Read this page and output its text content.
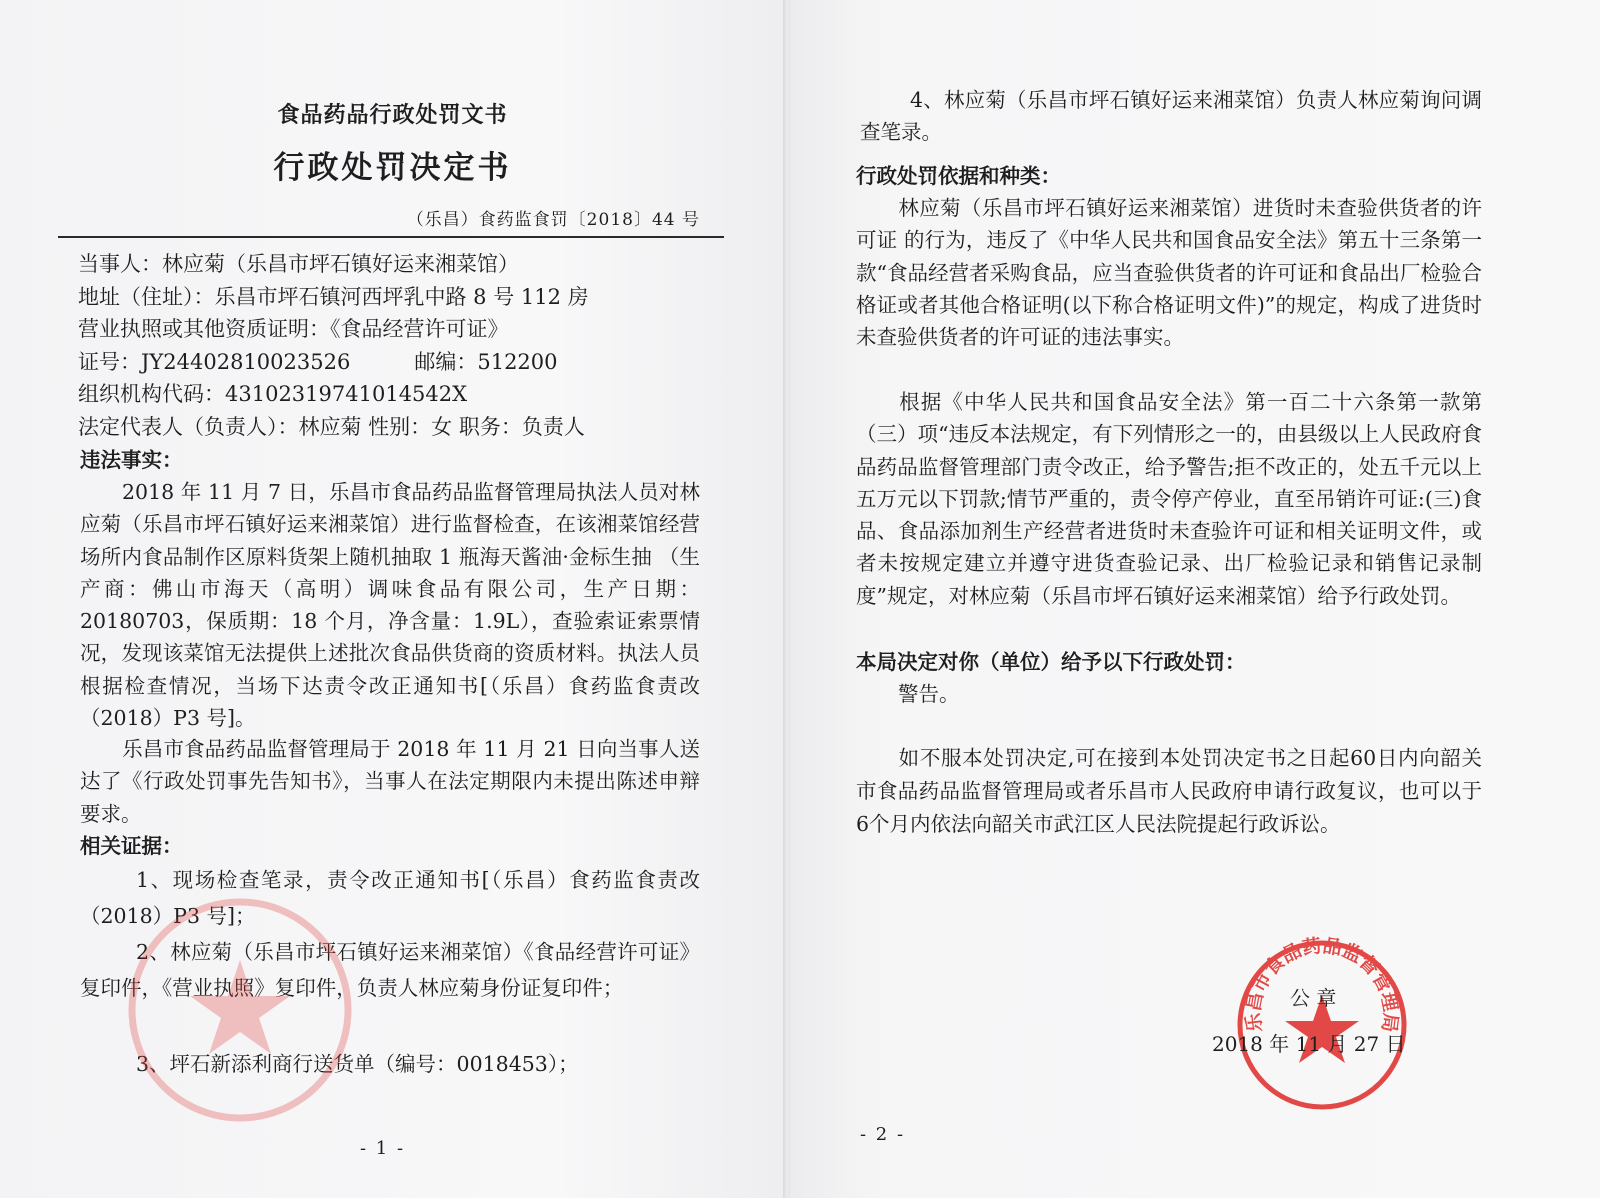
食品药品行政处罚文书
行政处罚决定书
（乐昌）食药监食罚〔2018〕44 号
当事人：林应菊（乐昌市坪石镇好运来湘菜馆）
地址（住址）：乐昌市坪石镇河西坪乳中路 8 号 112 房
营业执照或其他资质证明：《食品经营许可证》
证号：JY24402810023526	邮编：512200
组织机构代码：43102319741014542X
法定代表人（负责人）：林应菊 性别：女 职务：负责人
违法事实：
2018 年 11 月 7 日，乐昌市食品药品监督管理局执法人员对林应菊（乐昌市坪石镇好运来湘菜馆）进行监督检查，在该湘菜馆经营场所内食品制作区原料货架上随机抽取 1 瓶海天酱油·金标生抽 （生产商：佛山市海天（高明）调味食品有限公司，生产日期：20180703，保质期：18 个月，净含量：1.9L），查验索证索票情况，发现该菜馆无法提供上述批次食品供货商的资质材料。执法人员根据检查情况，当场下达责令改正通知书[（乐昌）食药监食责改（2018）P3 号]。
乐昌市食品药品监督管理局于 2018 年 11 月 21 日向当事人送达了《行政处罚事先告知书》，当事人在法定期限内未提出陈述申辩要求。
相关证据：
1、现场检查笔录，责令改正通知书[（乐昌）食药监食责改（2018）P3 号]；
2、林应菊（乐昌市坪石镇好运来湘菜馆）《食品经营许可证》复印件，《营业执照》复印件，负责人林应菊身份证复印件；
3、坪石新添利商行送货单（编号：0018453）；
- 1 -
4、林应菊（乐昌市坪石镇好运来湘菜馆）负责人林应菊询问调查笔录。
行政处罚依据和种类：
林应菊（乐昌市坪石镇好运来湘菜馆）进货时未查验供货者的许可证 的行为，违反了《中华人民共和国食品安全法》第五十三条第一款“食品经营者采购食品，应当查验供货者的许可证和食品出厂检验合格证或者其他合格证明(以下称合格证明文件)”的规定，构成了进货时未查验供货者的许可证的违法事实。
根据《中华人民共和国食品安全法》第一百二十六条第一款第（三）项“违反本法规定，有下列情形之一的，由县级以上人民政府食品药品监督管理部门责令改正，给予警告;拒不改正的，处五千元以上五万元以下罚款;情节严重的，责令停产停业，直至吊销许可证:(三)食品、食品添加剂生产经营者进货时未查验许可证和相关证明文件，或者未按规定建立并遵守进货查验记录、出厂检验记录和销售记录制度”规定，对林应菊（乐昌市坪石镇好运来湘菜馆）给予行政处罚。
本局决定对你（单位）给予以下行政处罚：
警告。
如不服本处罚决定,可在接到本处罚决定书之日起60日内向韶关市食品药品监督管理局或者乐昌市人民政府申请行政复议，也可以于6个月内依法向韶关市武江区人民法院提起行政诉讼。
乐昌市食品药品监督管理局
公 章
2018 年 11 月 27 日
- 2 -
